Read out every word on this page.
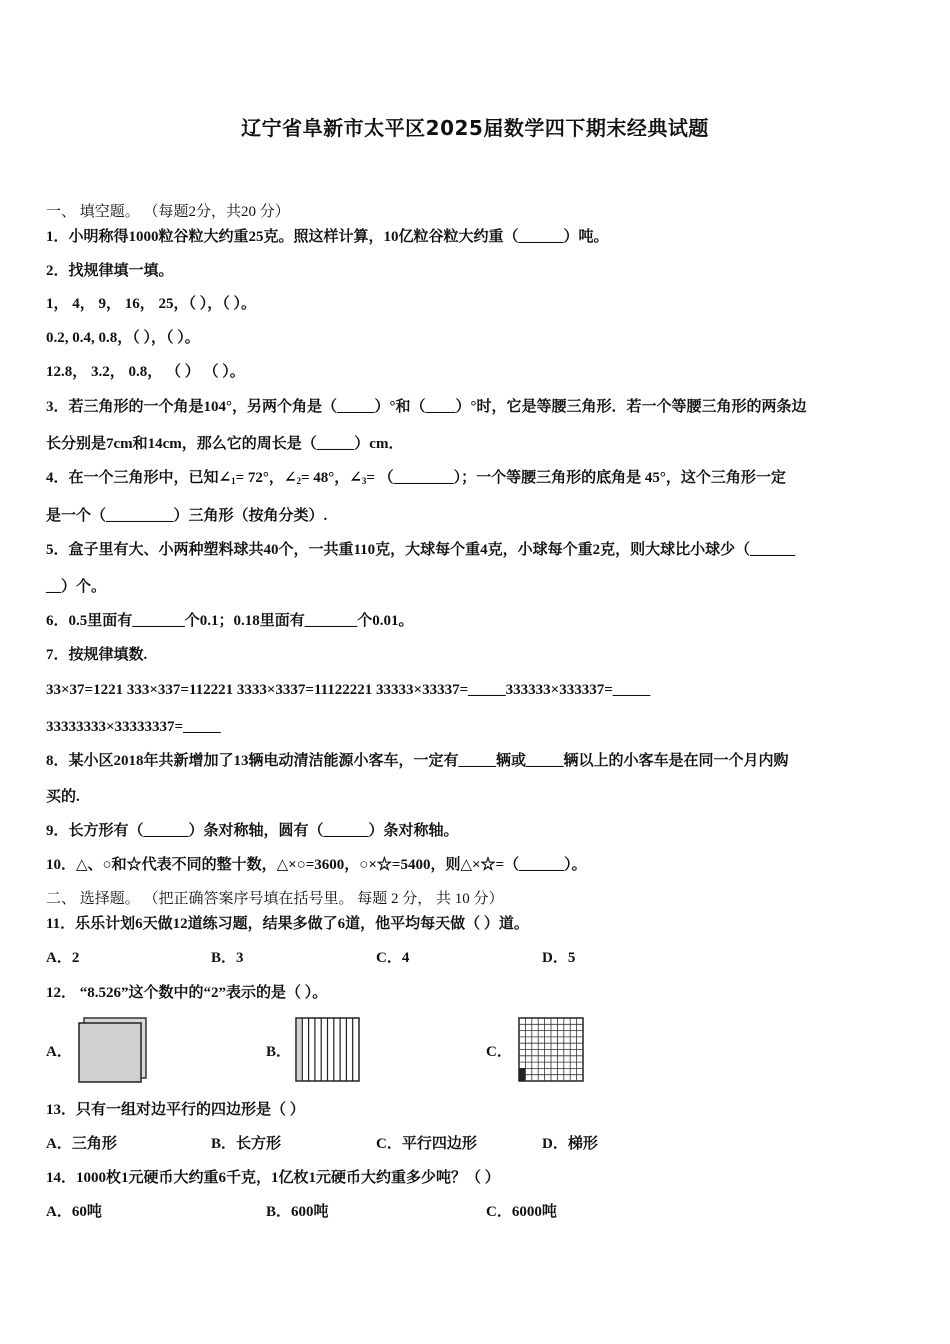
辽宁省阜新市太平区2025届数学四下期末经典试题
一、 填空题。 （每题2分，共20 分）
1．小明称得1000粒谷粒大约重25克。照这样计算，10亿粒谷粒大约重（______）吨。
2．找规律填一填。
1， 4， 9， 16， 25，（ ），（ ）。
0.2, 0.4, 0.8，（ ），（ ）。
12.8， 3.2， 0.8， （ ） （ ）。
3．若三角形的一个角是104°，另两个角是（_____）°和（____）°时，它是等腰三角形．若一个等腰三角形的两条边
长分别是7cm和14cm，那么它的周长是（_____）cm．
4．在一个三角形中，已知$\angle_1= 72^\circ$，$\angle_2= 48^\circ$，$\angle_3=$ （________）；一个等腰三角形的底角是 45°，这个三角形一定
是一个（_________）三角形（按角分类）.
5．盒子里有大、小两种塑料球共40个，一共重110克，大球每个重4克，小球每个重2克，则大球比小球少（______
__）个。
6．0.5里面有_______个0.1；0.18里面有_______个0.01。
7．按规律填数.
33×37=1221 333×337=112221 3333×3337=11122221 33333×33337=_____333333×333337=_____
33333333×33333337=_____
8．某小区2018年共新增加了13辆电动清洁能源小客车，一定有_____辆或_____辆以上的小客车是在同一个月内购
买的.
9．长方形有（______）条对称轴，圆有（______）条对称轴。
10．△、○和☆代表不同的整十数，△×○=3600，○×☆=5400，则△×☆=（______）。
二、 选择题。 （把正确答案序号填在括号里。 每题 2 分， 共 10 分）
11．乐乐计划6天做12道练习题，结果多做了6道，他平均每天做（ ）道。
A．2	B．3	C．4	D．5
12． “8.526”这个数中的“2”表示的是（ ）。
A．	B．	C．
13．只有一组对边平行的四边形是（ ）
A．三角形	B．长方形	C．平行四边形	D．梯形
14．1000枚1元硬币大约重6千克，1亿枚1元硬币大约重多少吨？（ ）
A．60吨	B．600吨	C．6000吨
